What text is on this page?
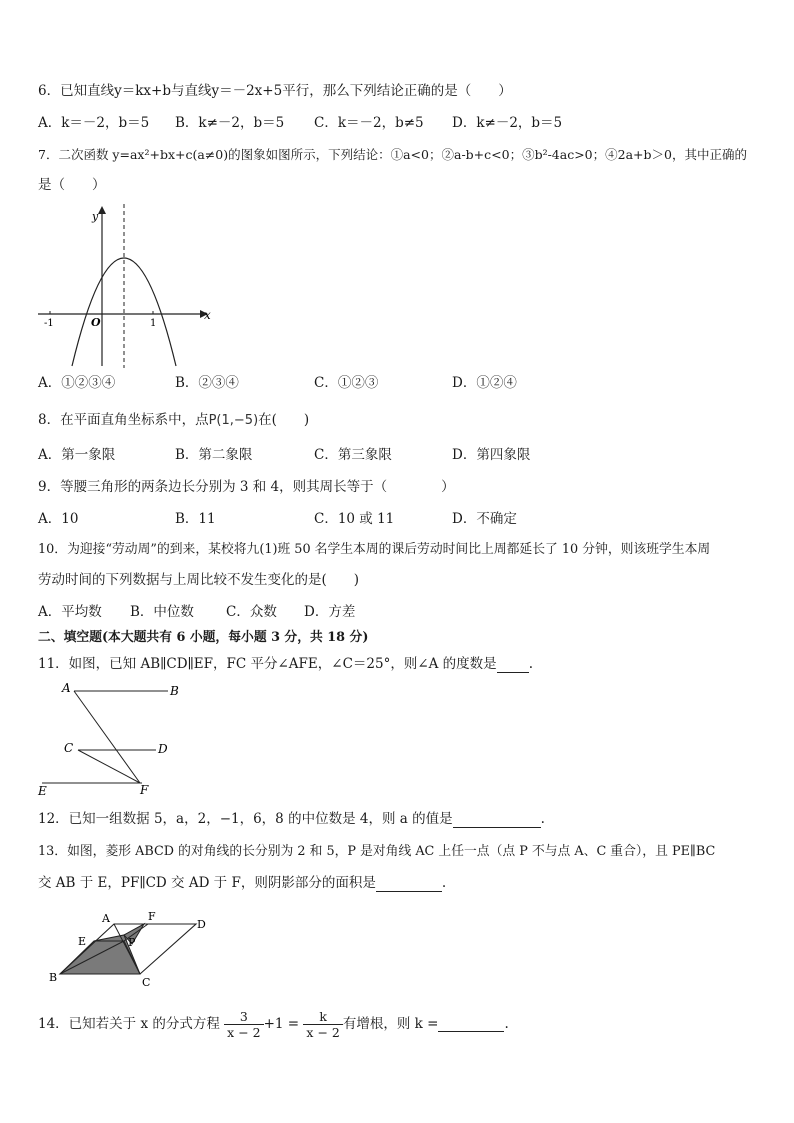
6．已知直线y＝kx+b与直线y＝－2x+5平行，那么下列结论正确的是（　　）
A．k＝－2，b＝5 B．k≠－2，b＝5 C．k＝－2，b≠5 D．k≠－2，b＝5
7．二次函数 y=ax²+bx+c(a≠0)的图象如图所示，下列结论：①a<0；②a-b+c<0；③b²-4ac>0；④2a+b＞0，其中正确的
是（　　）
y
x
O
-1	1
A．①②③④	B．②③④	C．①②③	D．①②④
8．在平面直角坐标系中，点P(1,−5)在(　　)
A．第一象限	B．第二象限	C．第三象限	D．第四象限
9．等腰三角形的两条边长分别为 3 和 4，则其周长等于（　　　　）
A．10	B．11	C．10 或 11	D．不确定
10．为迎接“劳动周”的到来，某校将九(1)班 50 名学生本周的课后劳动时间比上周都延长了 10 分钟，则该班学生本周
劳动时间的下列数据与上周比较不发生变化的是(　　)
A．平均数 B．中位数 C．众数 D．方差
二、填空题(本大题共有 6 小题，每小题 3 分，共 18 分)
11．如图，已知 AB∥CD∥EF，FC 平分∠AFE，∠C＝25°，则∠A 的度数是 .
A	B
C	D
E	F
12．已知一组数据 5，a，2，−1，6，8 的中位数是 4，则 a 的值是	.
13．如图，菱形 ABCD 的对角线的长分别为 2 和 5，P 是对角线 AC 上任一点（点 P 不与点 A、C 重合），且 PE∥BC
交 AB 于 E，PF∥CD 交 AD 于 F，则阴影部分的面积是	.
A
B	C
D
E
F
P
14．已知若关于 x 的分式方程 $\frac{3}{x - 2} +1 = \frac{k}{x - 2}$ 有增根，则 k =	.
